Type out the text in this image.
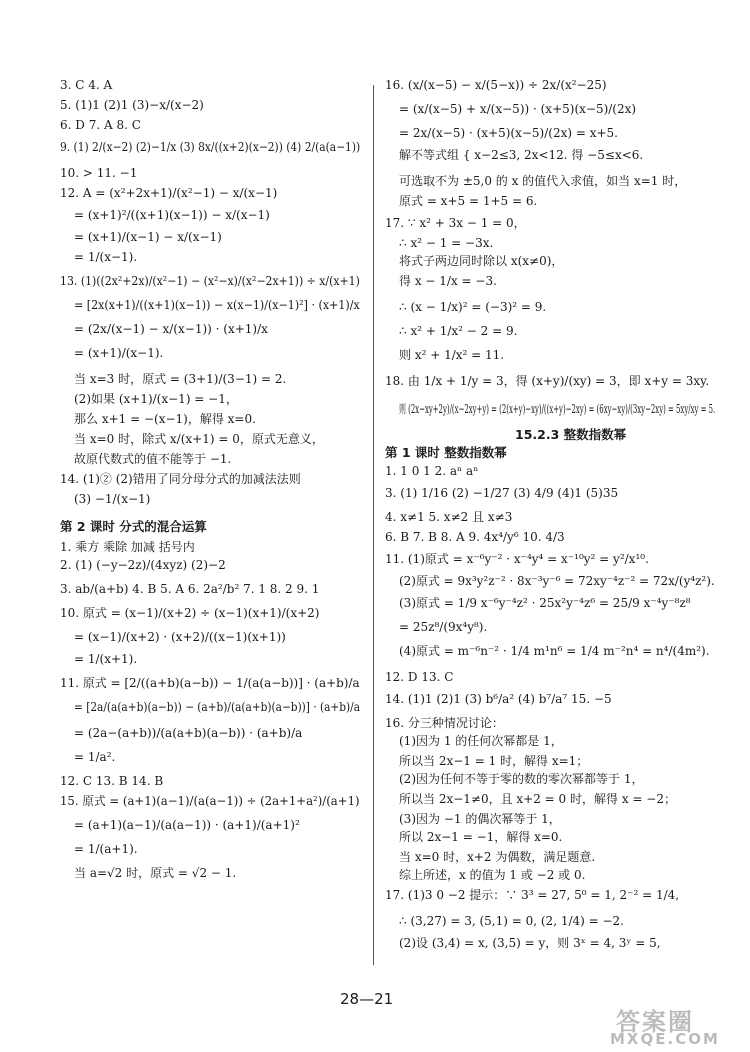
3. C 4. A
5. (1)1 (2)1 (3)−x/(x−2)
6. D 7. A 8. C
9. (1) 2/(x−2) (2)−1/x (3) 8x/((x+2)(x−2)) (4) 2/(a(a−1))
10. > 11. −1
12. A = (x²+2x+1)/(x²−1) − x/(x−1)
= (x+1)²/((x+1)(x−1)) − x/(x−1)
= (x+1)/(x−1) − x/(x−1)
= 1/(x−1).
13. (1)((2x²+2x)/(x²−1) − (x²−x)/(x²−2x+1)) ÷ x/(x+1)
= [2x(x+1)/((x+1)(x−1)) − x(x−1)/(x−1)²] · (x+1)/x
= (2x/(x−1) − x/(x−1)) · (x+1)/x
= (x+1)/(x−1).
当 x=3 时，原式 = (3+1)/(3−1) = 2.
(2)如果 (x+1)/(x−1) = −1，
那么 x+1 = −(x−1)，解得 x=0.
当 x=0 时，除式 x/(x+1) = 0，原式无意义，
故原代数式的值不能等于 −1.
14. (1)② (2)错用了同分母分式的加减法法则
(3) −1/(x−1)
第 2 课时 分式的混合运算
1. 乘方 乘除 加减 括号内
2. (1) (−y−2z)/(4xyz) (2)−2
3. ab/(a+b) 4. B 5. A 6. 2a²/b² 7. 1 8. 2 9. 1
10. 原式 = (x−1)/(x+2) ÷ (x−1)(x+1)/(x+2)
= (x−1)/(x+2) · (x+2)/((x−1)(x+1))
= 1/(x+1).
11. 原式 = [2/((a+b)(a−b)) − 1/(a(a−b))] · (a+b)/a
= [2a/(a(a+b)(a−b)) − (a+b)/(a(a+b)(a−b))] · (a+b)/a
= (2a−(a+b))/(a(a+b)(a−b)) · (a+b)/a
= 1/a².
12. C 13. B 14. B
15. 原式 = (a+1)(a−1)/(a(a−1)) ÷ (2a+1+a²)/(a+1)
= (a+1)(a−1)/(a(a−1)) · (a+1)/(a+1)²
= 1/(a+1).
当 a=√2 时，原式 = √2 − 1.
16. (x/(x−5) − x/(5−x)) ÷ 2x/(x²−25)
= (x/(x−5) + x/(x−5)) · (x+5)(x−5)/(2x)
= 2x/(x−5) · (x+5)(x−5)/(2x) = x+5.
解不等式组 { x−2≤3, 2x<12. 得 −5≤x<6.
可选取不为 ±5,0 的 x 的值代入求值，如当 x=1 时，
原式 = x+5 = 1+5 = 6.
17. ∵ x² + 3x − 1 = 0，
∴ x² − 1 = −3x.
将式子两边同时除以 x(x≠0)，
得 x − 1/x = −3.
∴ (x − 1/x)² = (−3)² = 9.
∴ x² + 1/x² − 2 = 9.
则 x² + 1/x² = 11.
18. 由 1/x + 1/y = 3，得 (x+y)/(xy) = 3，即 x+y = 3xy.
则 (2x−xy+2y)/(x−2xy+y) = (2(x+y)−xy)/((x+y)−2xy) = (6xy−xy)/(3xy−2xy) = 5xy/xy = 5.
15.2.3 整数指数幂
第 1 课时 整数指数幂
1. 1 0 1 2. aⁿ aⁿ
3. (1) 1/16 (2) −1/27 (3) 4/9 (4)1 (5)35
4. x≠1 5. x≠2 且 x≠3
6. B 7. B 8. A 9. 4x⁴/y⁶ 10. 4/3
11. (1)原式 = x⁻⁶y⁻² · x⁻⁴y⁴ = x⁻¹⁰y² = y²/x¹⁰.
(2)原式 = 9x³y²z⁻² · 8x⁻³y⁻⁶ = 72xy⁻⁴z⁻² = 72x/(y⁴z²).
(3)原式 = 1/9 x⁻⁶y⁻⁴z² · 25x²y⁻⁴z⁶ = 25/9 x⁻⁴y⁻⁸z⁸
= 25z⁸/(9x⁴y⁸).
(4)原式 = m⁻⁶n⁻² · 1/4 m¹n⁶ = 1/4 m⁻²n⁴ = n⁴/(4m²).
12. D 13. C
14. (1)1 (2)1 (3) b⁶/a² (4) b⁷/a⁷ 15. −5
16. 分三种情况讨论：
(1)因为 1 的任何次幂都是 1，
所以当 2x−1 = 1 时，解得 x=1；
(2)因为任何不等于零的数的零次幂都等于 1，
所以当 2x−1≠0，且 x+2 = 0 时，解得 x = −2；
(3)因为 −1 的偶次幂等于 1，
所以 2x−1 = −1，解得 x=0.
当 x=0 时，x+2 为偶数，满足题意.
综上所述，x 的值为 1 或 −2 或 0.
17. (1)3 0 −2 提示：∵ 3³ = 27, 5⁰ = 1, 2⁻² = 1/4,
∴ (3,27) = 3, (5,1) = 0, (2, 1/4) = −2.
(2)设 (3,4) = x, (3,5) = y，则 3ˣ = 4, 3ʸ = 5,
28—21
答案圈
MXQE.COM
